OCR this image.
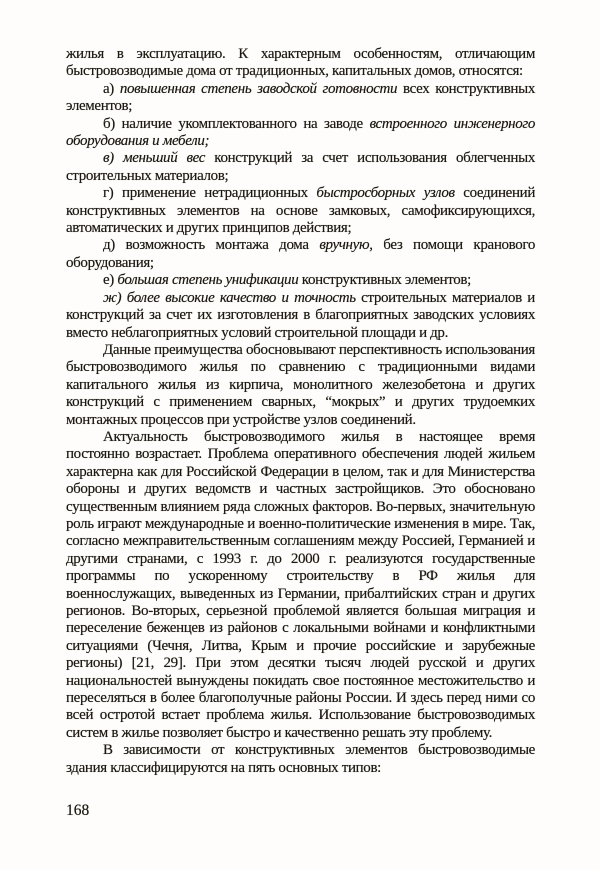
жилья в эксплуатацию. К характерным особенностям, отличающим быстровозводимые дома от традиционных, капитальных домов, относятся:

а) повышенная степень заводской готовности всех конструктивных элементов;

б) наличие укомплектованного на заводе встроенного инженерного оборудования и мебели;

в) меньший вес конструкций за счет использования облегченных строительных материалов;

г) применение нетрадиционных быстросборных узлов соединений конструктивных элементов на основе замковых, самофиксирующихся, автоматических и других принципов действия;

д) возможность монтажа дома вручную, без помощи кранового оборудования;

е) большая степень унификации конструктивных элементов;

ж) более высокие качество и точность строительных материалов и конструкций за счет их изготовления в благоприятных заводских условиях вместо неблагоприятных условий строительной площади и др.

Данные преимущества обосновывают перспективность использования быстровозводимого жилья по сравнению с традиционными видами капитального жилья из кирпича, монолитного железобетона и других конструкций с применением сварных, “мокрых” и других трудоемких монтажных процессов при устройстве узлов соединений.

Актуальность быстровозводимого жилья в настоящее время постоянно возрастает. Проблема оперативного обеспечения людей жильем характерна как для Российской Федерации в целом, так и для Министерства обороны и других ведомств и частных застройщиков. Это обосновано существенным влиянием ряда сложных факторов. Во-первых, значительную роль играют международные и военно-политические изменения в мире. Так, согласно межправительственным соглашениям между Россией, Германией и другими странами, с 1993 г. до 2000 г. реализуются государственные программы по ускоренному строительству в РФ жилья для военнослужащих, выведенных из Германии, прибалтийских стран и других регионов. Во-вторых, серьезной проблемой является большая миграция и переселение беженцев из районов с локальными войнами и конфликтными ситуациями (Чечня, Литва, Крым и прочие российские и зарубежные регионы) [21, 29]. При этом десятки тысяч людей русской и других национальностей вынуждены покидать свое постоянное местожительство и переселяться в более благополучные районы России. И здесь перед ними со всей остротой встает проблема жилья. Использование быстровозводимых систем в жилье позволяет быстро и качественно решать эту проблему.

В зависимости от конструктивных элементов быстровозводимые здания классифицируются на пять основных типов:

168
